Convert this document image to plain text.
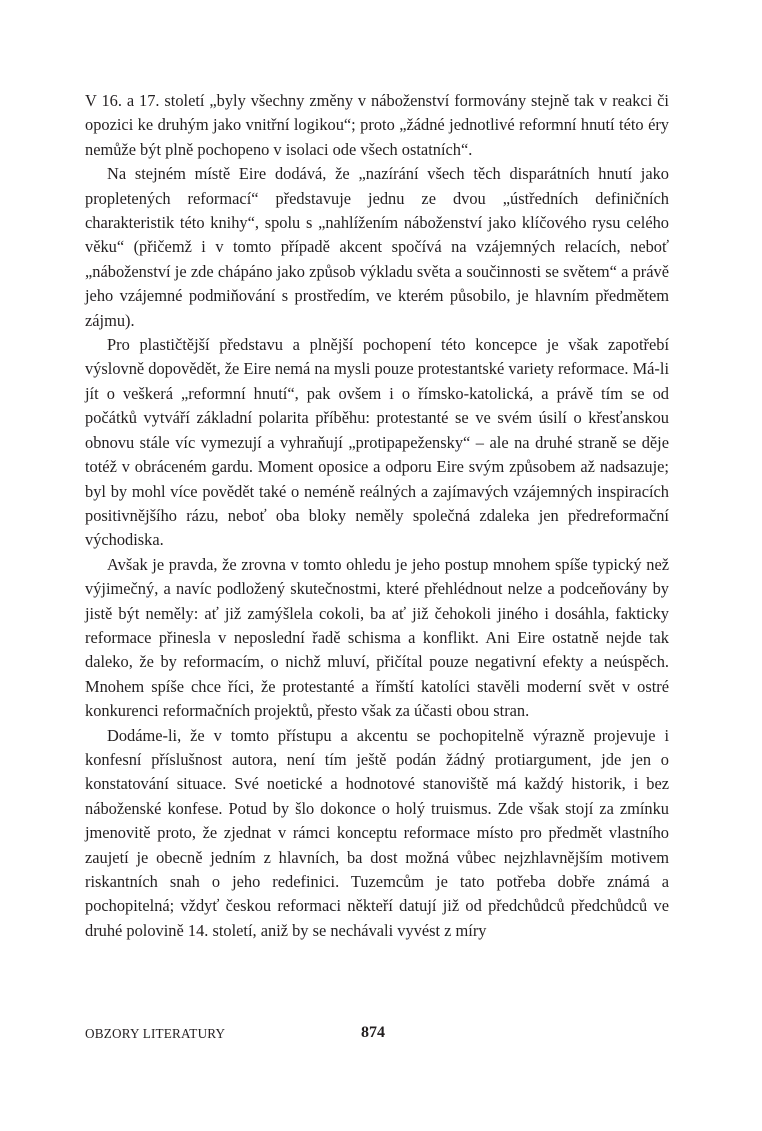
V 16. a 17. století „byly všechny změny v náboženství formovány stejně tak v reakci či opozici ke druhým jako vnitřní logikou“; proto „žádné jednotlivé reformní hnutí této éry nemůže být plně pochopeno v isolaci ode všech ostatních“.

Na stejném místě Eire dodává, že „nazírání všech těch disparátních hnutí jako propletených reformací“ představuje jednu ze dvou „ústředních definičních charakteristik této knihy“, spolu s „nahlížením náboženství jako klíčového rysu celého věku“ (přičemž i v tomto případě akcent spočívá na vzájemných relacích, neboť „náboženství je zde chápáno jako způsob výkladu světa a součinnosti se světem“ a právě jeho vzájemné podmiňování s prostředím, ve kterém působilo, je hlavním předmětem zájmu).

Pro plastičtější představu a plnější pochopení této koncepce je však zapotřebí výslovně dopovědět, že Eire nemá na mysli pouze protestantské variety reformace. Má-li jít o veškerá „reformní hnutí“, pak ovšem i o římsko-katolická, a právě tím se od počátků vytváří základní polarita příběhu: protestanté se ve svém úsilí o křesťanskou obnovu stále víc vymezují a vyhraňují „protipapežensky“ – ale na druhé straně se děje totéž v obráceném gardu. Moment oposice a odporu Eire svým způsobem až nadsazuje; byl by mohl více povědět také o neméně reálných a zajímavých vzájemných inspiracích positivnějšího rázu, neboť oba bloky neměly společná zdaleka jen předreformační východiska.

Avšak je pravda, že zrovna v tomto ohledu je jeho postup mnohem spíše typický než výjimečný, a navíc podložený skutečnostmi, které přehlédnout nelze a podceňovány by jistě být neměly: ať již zamýšlela cokoli, ba ať již čehokoli jiného i dosáhla, fakticky reformace přinesla v neposlední řadě schisma a konflikt. Ani Eire ostatně nejde tak daleko, že by reformacím, o nichž mluví, přičítal pouze negativní efekty a neúspěch. Mnohem spíše chce říci, že protestanté a římští katolíci stavěli moderní svět v ostré konkurenci reformačních projektů, přesto však za účasti obou stran.

Dodáme-li, že v tomto přístupu a akcentu se pochopitelně výrazně projevuje i konfesní příslušnost autora, není tím ještě podán žádný protiargument, jde jen o konstatování situace. Své noetické a hodnotové stanoviště má každý historik, i bez náboženské konfese. Potud by šlo dokonce o holý truismus. Zde však stojí za zmínku jmenovitě proto, že zjednat v rámci konceptu reformace místo pro předmět vlastního zaujetí je obecně jedním z hlavních, ba dost možná vůbec nejzhlavnějším motivem riskantních snah o jeho redefinici. Tuzemcům je tato potřeba dobře známá a pochopitelná; vždyť českou reformaci někteří datují již od předchůdců předchůdců ve druhé polovině 14. století, aniž by se nechávali vyvést z míry

OBZORY LITERATURY	874
